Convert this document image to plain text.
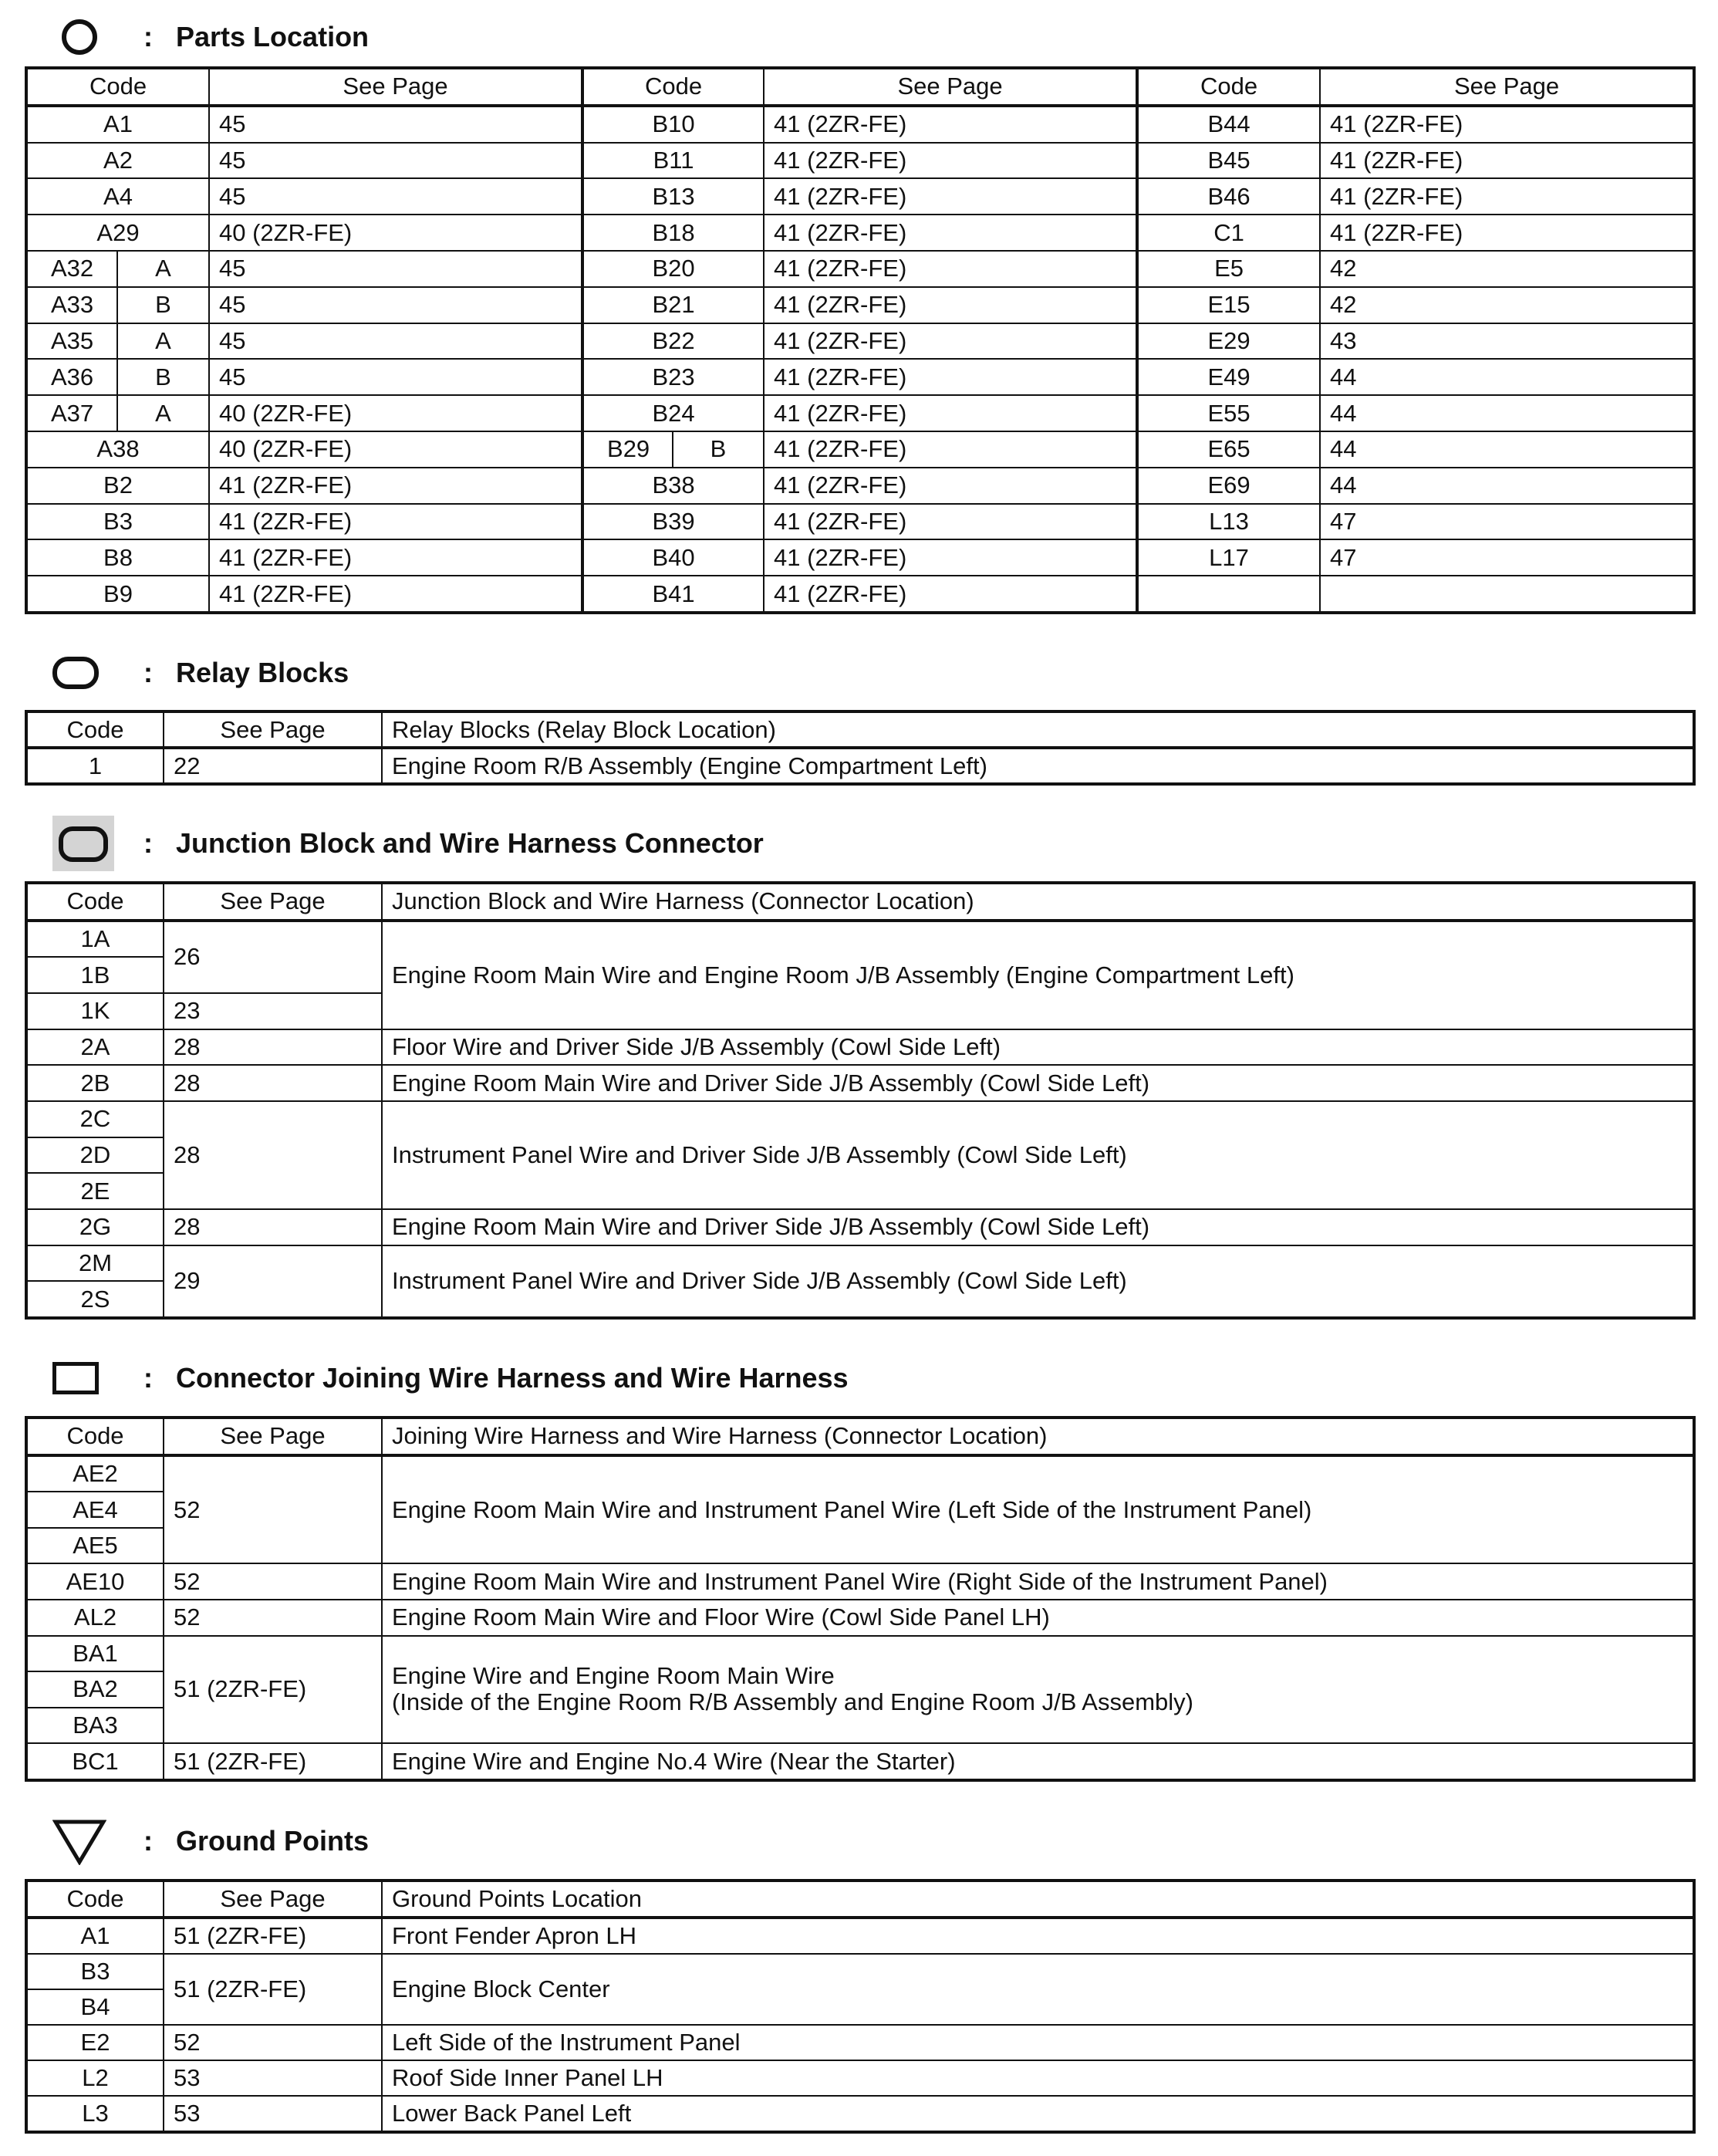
: Parts Location
Code		See Page	Code		See Page	Code	See Page
A1		45	B10		41 (2ZR-FE)	B44	41 (2ZR-FE)
A2		45	B11		41 (2ZR-FE)	B45	41 (2ZR-FE)
A4		45	B13		41 (2ZR-FE)	B46	41 (2ZR-FE)
A29		40 (2ZR-FE)	B18		41 (2ZR-FE)	C1	41 (2ZR-FE)
A32	A	45	B20		41 (2ZR-FE)	E5	42
A33	B	45	B21		41 (2ZR-FE)	E15	42
A35	A	45	B22		41 (2ZR-FE)	E29	43
A36	B	45	B23		41 (2ZR-FE)	E49	44
A37	A	40 (2ZR-FE)	B24		41 (2ZR-FE)	E55	44
A38		40 (2ZR-FE)	B29	B	41 (2ZR-FE)	E65	44
B2		41 (2ZR-FE)	B38		41 (2ZR-FE)	E69	44
B3		41 (2ZR-FE)	B39		41 (2ZR-FE)	L13	47
B8		41 (2ZR-FE)	B40		41 (2ZR-FE)	L17	47
B9		41 (2ZR-FE)	B41		41 (2ZR-FE)		
: Relay Blocks
Code	See Page	Relay Blocks (Relay Block Location)
1	22	Engine Room R/B Assembly (Engine Compartment Left)
: Junction Block and Wire Harness Connector
Code	See Page	Junction Block and Wire Harness (Connector Location)
1A	26	Engine Room Main Wire and Engine Room J/B Assembly (Engine Compartment Left)
1B		
1K	23	
2A	28	Floor Wire and Driver Side J/B Assembly (Cowl Side Left)
2B	28	Engine Room Main Wire and Driver Side J/B Assembly (Cowl Side Left)
2C	28	Instrument Panel Wire and Driver Side J/B Assembly (Cowl Side Left)
2D		
2E		
2G	28	Engine Room Main Wire and Driver Side J/B Assembly (Cowl Side Left)
2M	29	Instrument Panel Wire and Driver Side J/B Assembly (Cowl Side Left)
2S		
: Connector Joining Wire Harness and Wire Harness
Code	See Page	Joining Wire Harness and Wire Harness (Connector Location)
AE2	52	Engine Room Main Wire and Instrument Panel Wire (Left Side of the Instrument Panel)
AE4		
AE5		
AE10	52	Engine Room Main Wire and Instrument Panel Wire (Right Side of the Instrument Panel)
AL2	52	Engine Room Main Wire and Floor Wire (Cowl Side Panel LH)
BA1	51 (2ZR-FE)	Engine Wire and Engine Room Main Wire
(Inside of the Engine Room R/B Assembly and Engine Room J/B Assembly)
BA2		
BA3		
BC1	51 (2ZR-FE)	Engine Wire and Engine No.4 Wire (Near the Starter)
: Ground Points
Code	See Page	Ground Points Location
A1	51 (2ZR-FE)	Front Fender Apron LH
B3	51 (2ZR-FE)	Engine Block Center
B4		
E2	52	Left Side of the Instrument Panel
L2	53	Roof Side Inner Panel LH
L3	53	Lower Back Panel Left
